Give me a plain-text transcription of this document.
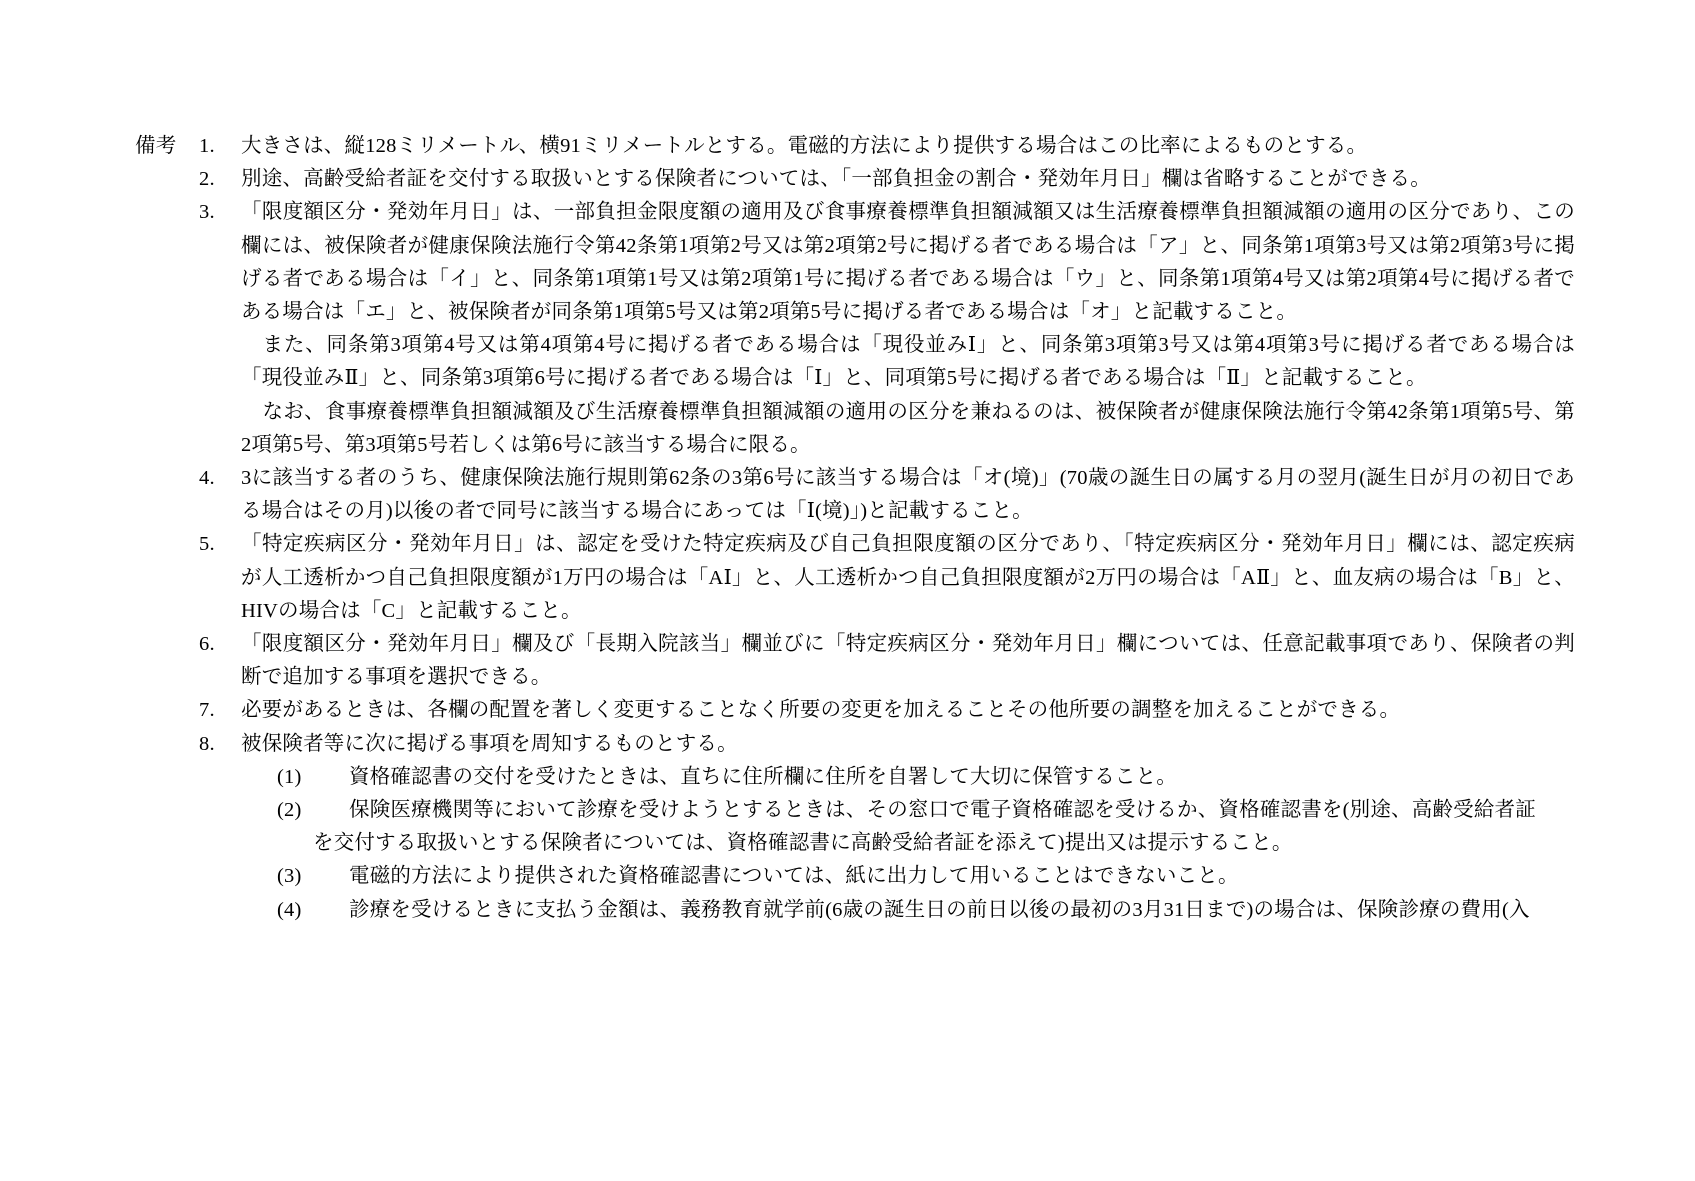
備考	1.	大きさは、縦128ミリメートル、横91ミリメートルとする。電磁的方法により提供する場合はこの比率によるものとする。

2.	別途、高齢受給者証を交付する取扱いとする保険者については、「一部負担金の割合・発効年月日」欄は省略することができる。

3.	「限度額区分・発効年月日」は、一部負担金限度額の適用及び食事療養標準負担額減額又は生活療養標準負担額減額の適用の区分であり、この欄には、被保険者が健康保険法施行令第42条第1項第2号又は第2項第2号に掲げる者である場合は「ア」と、同条第1項第3号又は第2項第3号に掲げる者である場合は「イ」と、同条第1項第1号又は第2項第1号に掲げる者である場合は「ウ」と、同条第1項第4号又は第2項第4号に掲げる者である場合は「エ」と、被保険者が同条第1項第5号又は第2項第5号に掲げる者である場合は「オ」と記載すること。

また、同条第3項第4号又は第4項第4号に掲げる者である場合は「現役並みⅠ」と、同条第3項第3号又は第4項第3号に掲げる者である場合は「現役並みⅡ」と、同条第3項第6号に掲げる者である場合は「Ⅰ」と、同項第5号に掲げる者である場合は「Ⅱ」と記載すること。

なお、食事療養標準負担額減額及び生活療養標準負担額減額の適用の区分を兼ねるのは、被保険者が健康保険法施行令第42条第1項第5号、第2項第5号、第3項第5号若しくは第6号に該当する場合に限る。

4.	3に該当する者のうち、健康保険法施行規則第62条の3第6号に該当する場合は「オ(境)」(70歳の誕生日の属する月の翌月(誕生日が月の初日である場合はその月)以後の者で同号に該当する場合にあっては「Ⅰ(境)」)と記載すること。

5.	「特定疾病区分・発効年月日」は、認定を受けた特定疾病及び自己負担限度額の区分であり、「特定疾病区分・発効年月日」欄には、認定疾病が人工透析かつ自己負担限度額が1万円の場合は「AⅠ」と、人工透析かつ自己負担限度額が2万円の場合は「AⅡ」と、血友病の場合は「B」と、HIVの場合は「C」と記載すること。

6.	「限度額区分・発効年月日」欄及び「長期入院該当」欄並びに「特定疾病区分・発効年月日」欄については、任意記載事項であり、保険者の判断で追加する事項を選択できる。

7.	必要があるときは、各欄の配置を著しく変更することなく所要の変更を加えることその他所要の調整を加えることができる。

8.	被保険者等に次に掲げる事項を周知するものとする。

(1)	資格確認書の交付を受けたときは、直ちに住所欄に住所を自署して大切に保管すること。
(2)	保険医療機関等において診療を受けようとするときは、その窓口で電子資格確認を受けるか、資格確認書を(別途、高齢受給者証
を交付する取扱いとする保険者については、資格確認書に高齢受給者証を添えて)提出又は提示すること。
(3)	電磁的方法により提供された資格確認書については、紙に出力して用いることはできないこと。
(4)	診療を受けるときに支払う金額は、義務教育就学前(6歳の誕生日の前日以後の最初の3月31日まで)の場合は、保険診療の費用(入
